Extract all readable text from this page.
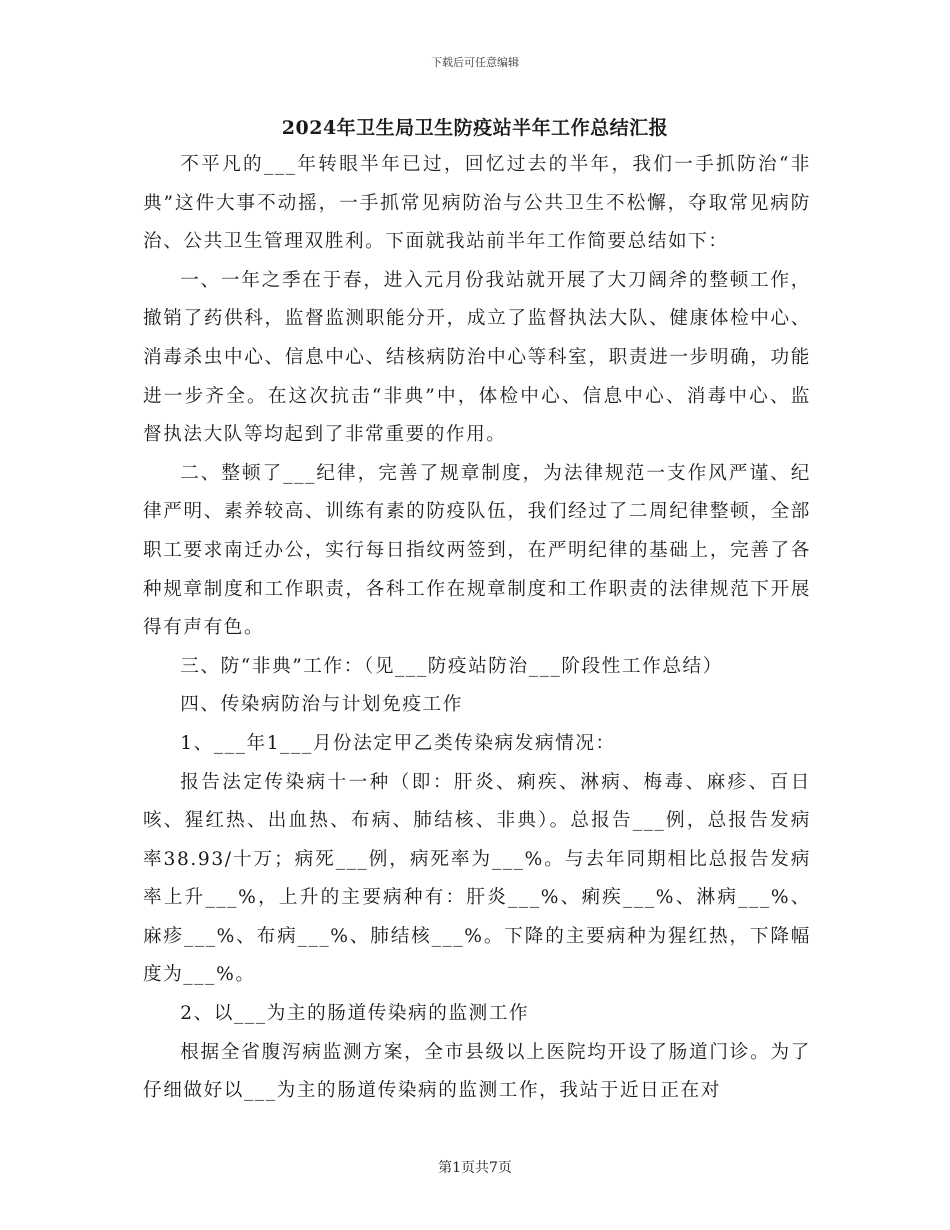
下载后可任意编辑
2024年卫生局卫生防疫站半年工作总结汇报

不平凡的___年转眼半年已过，回忆过去的半年，我们一手抓防治“非典”这件大事不动摇，一手抓常见病防治与公共卫生不松懈，夺取常见病防治、公共卫生管理双胜利。下面就我站前半年工作简要总结如下：

一、一年之季在于春，进入元月份我站就开展了大刀阔斧的整顿工作，撤销了药供科，监督监测职能分开，成立了监督执法大队、健康体检中心、消毒杀虫中心、信息中心、结核病防治中心等科室，职责进一步明确，功能进一步齐全。在这次抗击“非典”中，体检中心、信息中心、消毒中心、监督执法大队等均起到了非常重要的作用。

二、整顿了___纪律，完善了规章制度，为法律规范一支作风严谨、纪律严明、素养较高、训练有素的防疫队伍，我们经过了二周纪律整顿，全部职工要求南迁办公，实行每日指纹两签到，在严明纪律的基础上，完善了各种规章制度和工作职责，各科工作在规章制度和工作职责的法律规范下开展得有声有色。

三、防“非典”工作：（见___防疫站防治___阶段性工作总结）

四、传染病防治与计划免疫工作

1、___年1___月份法定甲乙类传染病发病情况：

报告法定传染病十一种（即：肝炎、痢疾、淋病、梅毒、麻疹、百日咳、猩红热、出血热、布病、肺结核、非典）。总报告___例，总报告发病率38.93/十万；病死___例，病死率为___%。与去年同期相比总报告发病率上升___%，上升的主要病种有：肝炎___%、痢疾___%、淋病___%、麻疹___%、布病___%、肺结核___%。下降的主要病种为猩红热，下降幅度为___%。

2、以___为主的肠道传染病的监测工作

根据全省腹泻病监测方案，全市县级以上医院均开设了肠道门诊。为了仔细做好以___为主的肠道传染病的监测工作，我站于近日正在对

第1页共7页
